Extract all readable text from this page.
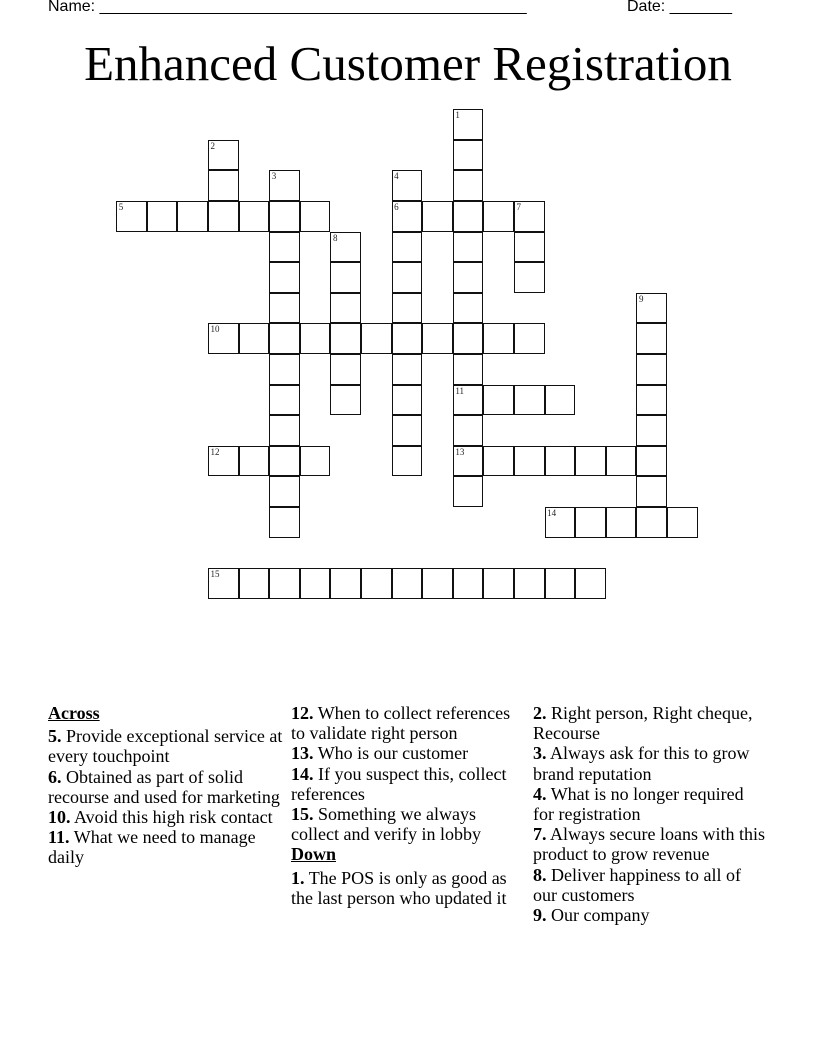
Name: ________________________________________________	Date: _______
Enhanced Customer Registration
1
11
13
2
3	4
6
5	7
8
9
10
12
14
15
Across
5. Provide exceptional service at every touchpoint
6. Obtained as part of solid recourse and used for marketing
10. Avoid this high risk contact
11. What we need to manage daily
12. When to collect references to validate right person
13. Who is our customer
14. If you suspect this, collect references
15. Something we always collect and verify in lobby
Down
1. The POS is only as good as the last person who updated it
2. Right person, Right cheque, Recourse
3. Always ask for this to grow brand reputation
4. What is no longer required for registration
7. Always secure loans with this product to grow revenue
8. Deliver happiness to all of our customers
9. Our company
